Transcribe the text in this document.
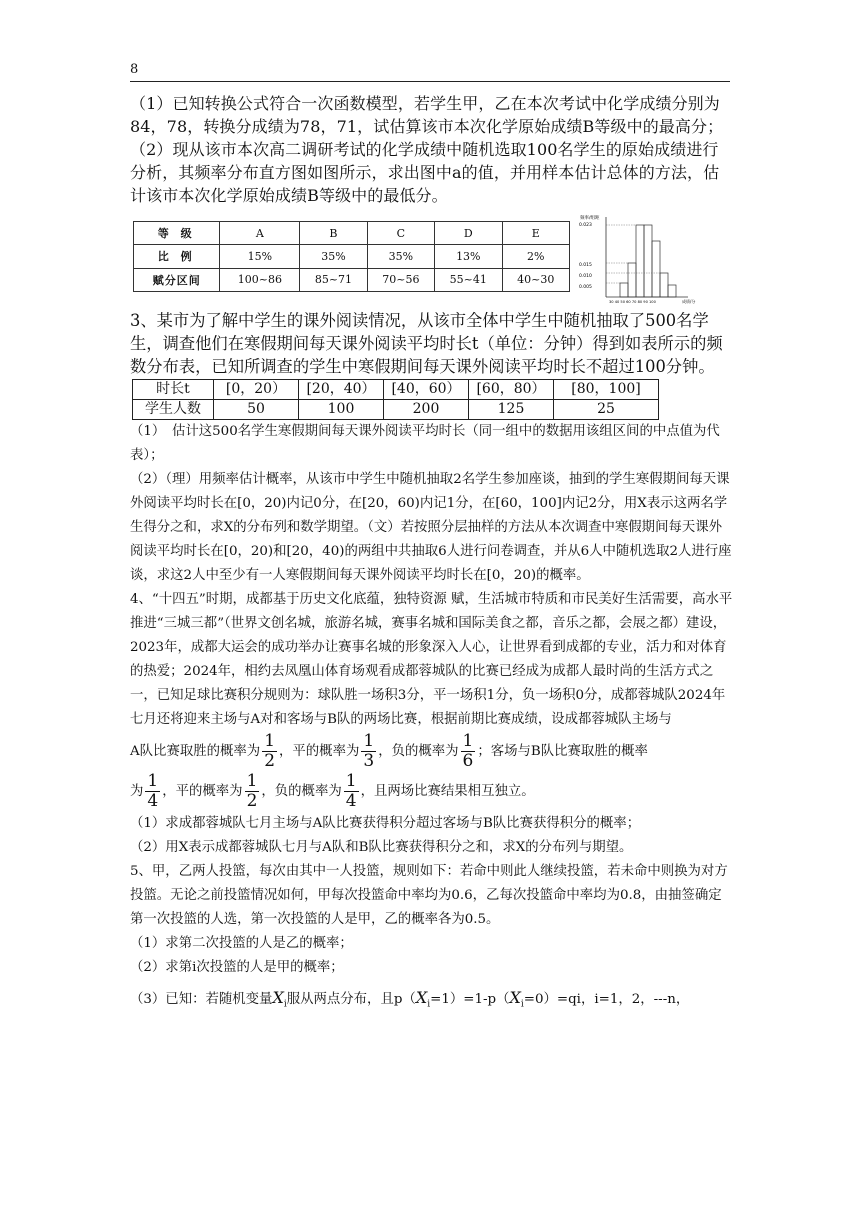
8

（1）已知转换公式符合一次函数模型，若学生甲，乙在本次考试中化学成绩分别为84，78，转换分成绩为78，71，试估算该市本次化学原始成绩B等级中的最高分；

（2）现从该市本次高二调研考试的化学成绩中随机选取100名学生的原始成绩进行分析，其频率分布直方图如图所示，求出图中a的值，并用样本估计总体的方法，估计该市本次化学原始成绩B等级中的最低分。

等 级	A	B	C	D	E
比 例	15%	35%	35%	13%	2%
赋分区间	100~86	85~71	70~56	55~41	40~30
频率/组距
0.023
0.015
0.010
0.005
30 40 50 60 70 80 90 100	成绩/分

3、某市为了解中学生的课外阅读情况，从该市全体中学生中随机抽取了500名学生，调查他们在寒假期间每天课外阅读平均时长t（单位：分钟）得到如表所示的频数分布表，已知所调查的学生中寒假期间每天课外阅读平均时长不超过100分钟。

时长t	[0，20）	[20，40）	[40，60）	[60，80）	[80，100]
学生人数	50	100	200	125	25

（1）　估计这500名学生寒假期间每天课外阅读平均时长（同一组中的数据用该组区间的中点值为代表）；

（2）（理）用频率估计概率，从该市中学生中随机抽取2名学生参加座谈，抽到的学生寒假期间每天课外阅读平均时长在[0，20)内记0分，在[20，60)内记1分，在[60，100]内记2分，用X表示这两名学生得分之和，求X的分布列和数学期望。（文）若按照分层抽样的方法从本次调查中寒假期间每天课外阅读平均时长在[0，20)和[20，40)的两组中共抽取6人进行问卷调查，并从6人中随机选取2人进行座谈，求这2人中至少有一人寒假期间每天课外阅读平均时长在[0，20)的概率。

4、“十四五”时期，成都基于历史文化底蕴，独特资源 赋，生活城市特质和市民美好生活需要，高水平推进“三城三都”（世界文创名城，旅游名城，赛事名城和国际美食之都，音乐之都，会展之都）建设，2023年，成都大运会的成功举办让赛事名城的形象深入人心，让世界看到成都的专业，活力和对体育的热爱；2024年，相约去凤凰山体育场观看成都蓉城队的比赛已经成为成都人最时尚的生活方式之一，已知足球比赛积分规则为：球队胜一场积3分，平一场积1分，负一场积0分，成都蓉城队2024年七月还将迎来主场与A对和客场与B队的两场比赛，根据前期比赛成绩，设成都蓉城队主场与

A队比赛取胜的概率为 $\frac{1}{2}$ ，平的概率为 $\frac{1}{3}$ ，负的概率为 $\frac{1}{6}$ ；客场与B队比赛取胜的概率

为 $\frac{1}{4}$ ，平的概率为 $\frac{1}{2}$ ，负的概率为 $\frac{1}{4}$ ，且两场比赛结果相互独立。

（1）求成都蓉城队七月主场与A队比赛获得积分超过客场与B队比赛获得积分的概率；

（2）用X表示成都蓉城队七月与A队和B队比赛获得积分之和，求X的分布列与期望。

5、甲，乙两人投篮，每次由其中一人投篮，规则如下：若命中则此人继续投篮，若未命中则换为对方投篮。无论之前投篮情况如何，甲每次投篮命中率均为0.6，乙每次投篮命中率均为0.8，由抽签确定第一次投篮的人选，第一次投篮的人是甲，乙的概率各为0.5。

（1）求第二次投篮的人是乙的概率；

（2）求第i次投篮的人是甲的概率；

（3）已知：若随机变量$X_i$服从两点分布，且$p(X_i=1)=1-p(X_i=0)=qi$，i=1，2，---n，
